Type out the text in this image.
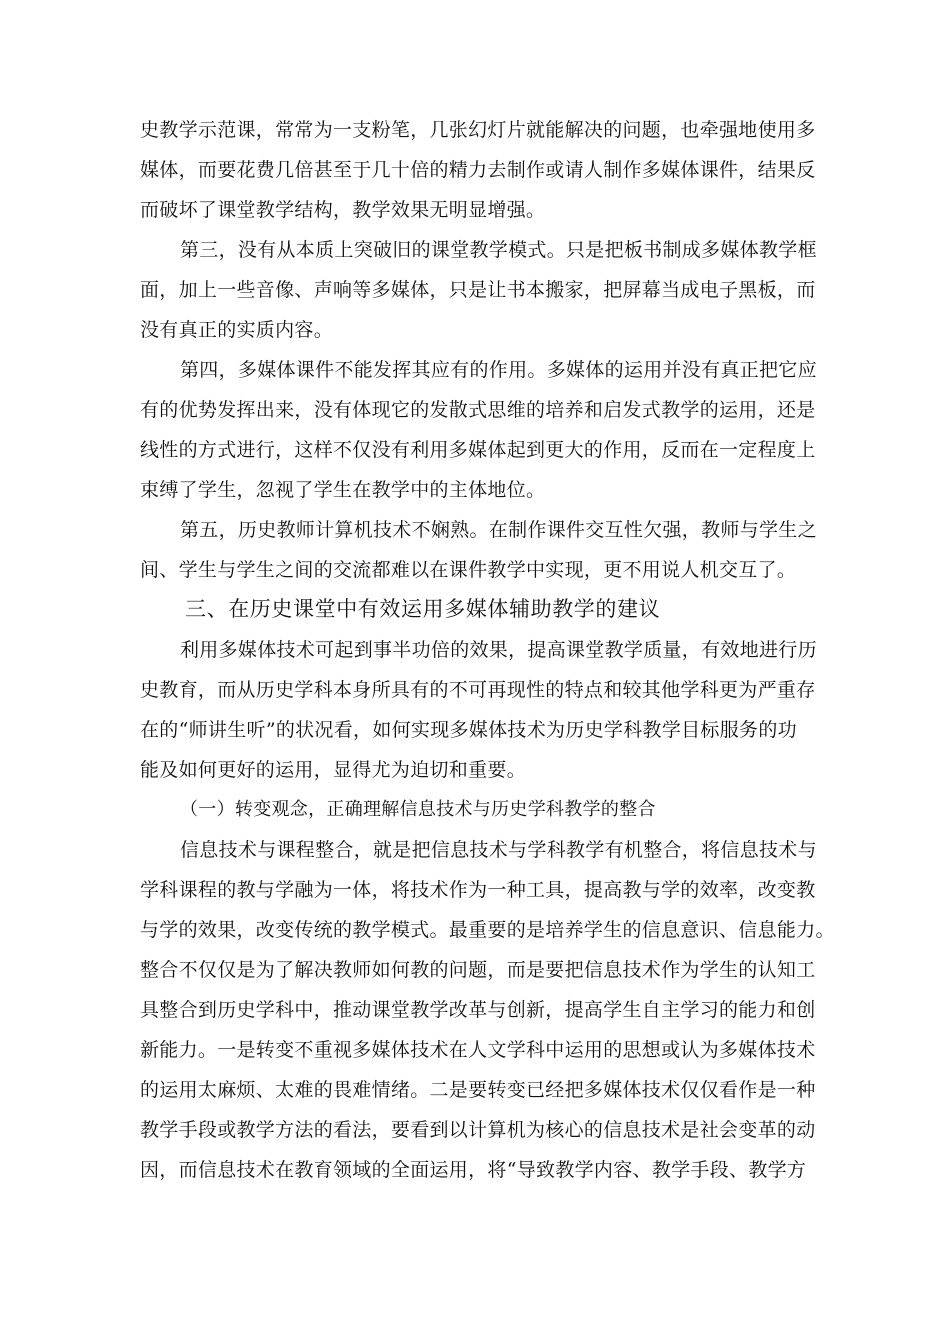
史教学示范课，常常为一支粉笔，几张幻灯片就能解决的问题，也牵强地使用多
媒体，而要花费几倍甚至于几十倍的精力去制作或请人制作多媒体课件，结果反
而破坏了课堂教学结构，教学效果无明显增强。
第三，没有从本质上突破旧的课堂教学模式。只是把板书制成多媒体教学框
面，加上一些音像、声响等多媒体，只是让书本搬家，把屏幕当成电子黑板，而
没有真正的实质内容。
第四，多媒体课件不能发挥其应有的作用。多媒体的运用并没有真正把它应
有的优势发挥出来，没有体现它的发散式思维的培养和启发式教学的运用，还是
线性的方式进行，这样不仅没有利用多媒体起到更大的作用，反而在一定程度上
束缚了学生，忽视了学生在教学中的主体地位。
第五，历史教师计算机技术不娴熟。在制作课件交互性欠强，教师与学生之
间、学生与学生之间的交流都难以在课件教学中实现，更不用说人机交互了。
三、在历史课堂中有效运用多媒体辅助教学的建议
利用多媒体技术可起到事半功倍的效果，提高课堂教学质量，有效地进行历
史教育，而从历史学科本身所具有的不可再现性的特点和较其他学科更为严重存
在的“师讲生听”的状况看，如何实现多媒体技术为历史学科教学目标服务的功
能及如何更好的运用，显得尤为迫切和重要。
（一）转变观念，正确理解信息技术与历史学科教学的整合
信息技术与课程整合，就是把信息技术与学科教学有机整合，将信息技术与
学科课程的教与学融为一体，将技术作为一种工具，提高教与学的效率，改变教
与学的效果，改变传统的教学模式。最重要的是培养学生的信息意识、信息能力。
整合不仅仅是为了解决教师如何教的问题，而是要把信息技术作为学生的认知工
具整合到历史学科中，推动课堂教学改革与创新，提高学生自主学习的能力和创
新能力。一是转变不重视多媒体技术在人文学科中运用的思想或认为多媒体技术
的运用太麻烦、太难的畏难情绪。二是要转变已经把多媒体技术仅仅看作是一种
教学手段或教学方法的看法，要看到以计算机为核心的信息技术是社会变革的动
因，而信息技术在教育领域的全面运用，将“导致教学内容、教学手段、教学方
